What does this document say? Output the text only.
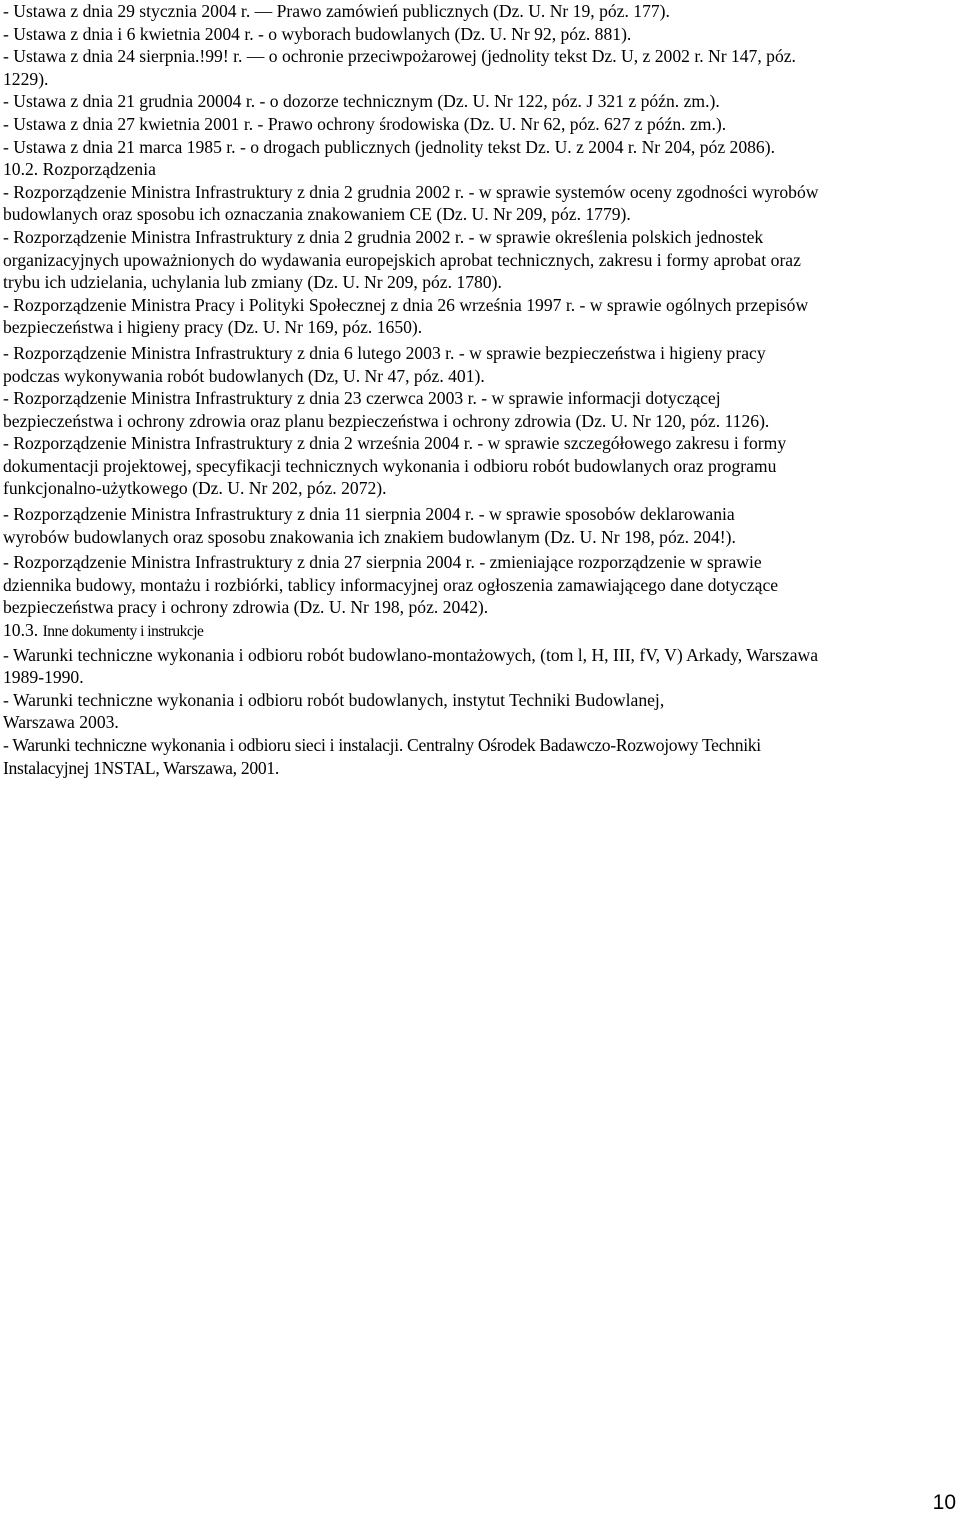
- Ustawa z dnia 29 stycznia 2004 r. — Prawo zamówień publicznych (Dz. U. Nr 19, póz. 177).

- Ustawa z dnia i 6 kwietnia 2004 r. - o wyborach budowlanych (Dz. U. Nr 92, póz. 881).

- Ustawa z dnia 24 sierpnia.!99! r. — o ochronie przeciwpożarowej (jednolity tekst Dz. U, z 2002 r. Nr 147, póz.

1229).

- Ustawa z dnia 21 grudnia 20004 r. - o dozorze technicznym (Dz. U. Nr 122, póz. J 321 z późn. zm.).

- Ustawa z dnia 27 kwietnia 2001 r. - Prawo ochrony środowiska (Dz. U. Nr 62, póz. 627 z późn. zm.).

- Ustawa z dnia 21 marca 1985 r. - o drogach publicznych (jednolity tekst Dz. U. z 2004 r. Nr 204, póz 2086).

10.2. Rozporządzenia

- Rozporządzenie Ministra Infrastruktury z dnia 2 grudnia 2002 r. - w sprawie systemów oceny zgodności wyrobów

budowlanych oraz sposobu ich oznaczania znakowaniem CE (Dz. U. Nr 209, póz. 1779).

- Rozporządzenie Ministra Infrastruktury z dnia 2 grudnia 2002 r. - w sprawie określenia polskich jednostek

organizacyjnych upoważnionych do wydawania europejskich aprobat technicznych, zakresu i formy aprobat oraz

trybu ich udzielania, uchylania lub zmiany (Dz. U. Nr 209, póz. 1780).

- Rozporządzenie Ministra Pracy i Polityki Społecznej z dnia 26 września 1997 r. - w sprawie ogólnych przepisów

bezpieczeństwa i higieny pracy (Dz. U. Nr 169, póz. 1650).

- Rozporządzenie Ministra Infrastruktury z dnia 6 lutego 2003 r. - w sprawie bezpieczeństwa i higieny pracy

podczas wykonywania robót budowlanych (Dz, U. Nr 47, póz. 401).

- Rozporządzenie Ministra Infrastruktury z dnia 23 czerwca 2003 r. - w sprawie informacji dotyczącej

bezpieczeństwa i ochrony zdrowia oraz planu bezpieczeństwa i ochrony zdrowia (Dz. U. Nr 120, póz. 1126).

- Rozporządzenie Ministra Infrastruktury z dnia 2 września 2004 r. - w sprawie szczegółowego zakresu i formy

dokumentacji projektowej, specyfikacji technicznych wykonania i odbioru robót budowlanych oraz programu

funkcjonalno-użytkowego (Dz. U. Nr 202, póz. 2072).

- Rozporządzenie Ministra Infrastruktury z dnia 11 sierpnia 2004 r. - w sprawie sposobów deklarowania

wyrobów budowlanych oraz sposobu znakowania ich znakiem budowlanym (Dz. U. Nr 198, póz. 204!).

- Rozporządzenie Ministra Infrastruktury z dnia 27 sierpnia 2004 r. - zmieniające rozporządzenie w sprawie

dziennika budowy, montażu i rozbiórki, tablicy informacyjnej oraz ogłoszenia zamawiającego dane dotyczące

bezpieczeństwa pracy i ochrony zdrowia (Dz. U. Nr 198, póz. 2042).

10.3. Inne dokumenty i instrukcje

- Warunki techniczne wykonania i odbioru robót budowlano-montażowych, (tom l, H, III, fV, V) Arkady, Warszawa

1989-1990.

- Warunki techniczne wykonania i odbioru robót budowlanych, instytut Techniki Budowlanej,

Warszawa 2003.

- Warunki techniczne wykonania i odbioru sieci i instalacji. Centralny Ośrodek Badawczo-Rozwojowy Techniki

Instalacyjnej 1NSTAL, Warszawa, 2001.

10
